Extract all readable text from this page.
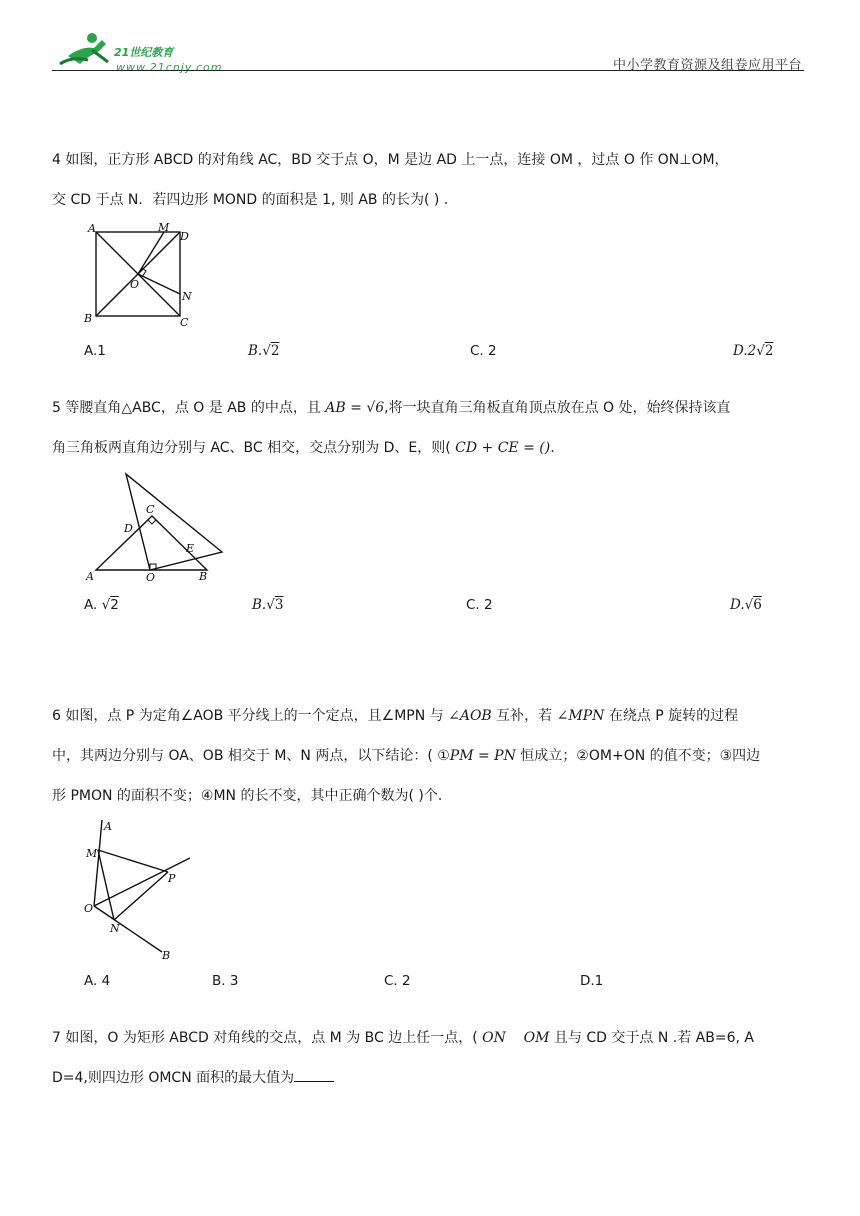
21世纪教育
www.21cnjy.com	中小学教育资源及组卷应用平台
4 如图，正方形 ABCD 的对角线 AC，BD 交于点 O，M 是边 AD 上一点，连接 OM ，过点 O 作 ON⊥OM，
交 CD 于点 N．若四边形 MOND 的面积是 1, 则 AB 的长为( ) .
A	M
D
O
N
B	C
A.1	B.√2	C. 2	D.2√2
5 等腰直角△ABC，点 O 是 AB 的中点，且 AB = √6,将一块直角三角板直角顶点放在点 O 处，始终保持该直
角三角板两直角边分别与 AC、BC 相交，交点分别为 D、E，则( CD + CE = ().
C
D
E
A	O	B
A. √2	B.√3	C. 2	D.√6
6 如图，点 P 为定角∠AOB 平分线上的一个定点，且∠MPN 与 ∠AOB 互补，若 ∠MPN 在绕点 P 旋转的过程
中，其两边分别与 OA、OB 相交于 M、N 两点，以下结论：( ①PM = PN 恒成立；②OM+ON 的值不变；③四边
形 PMON 的面积不变；④MN 的长不变，其中正确个数为( )个.
A
M
P
O
N
B
A. 4	B. 3	C. 2	D.1
7 如图，O 为矩形 ABCD 对角线的交点，点 M 为 BC 边上任一点，( ON    OM 且与 CD 交于点 N .若 AB=6, A
D=4,则四边形 OMCN 面积的最大值为
